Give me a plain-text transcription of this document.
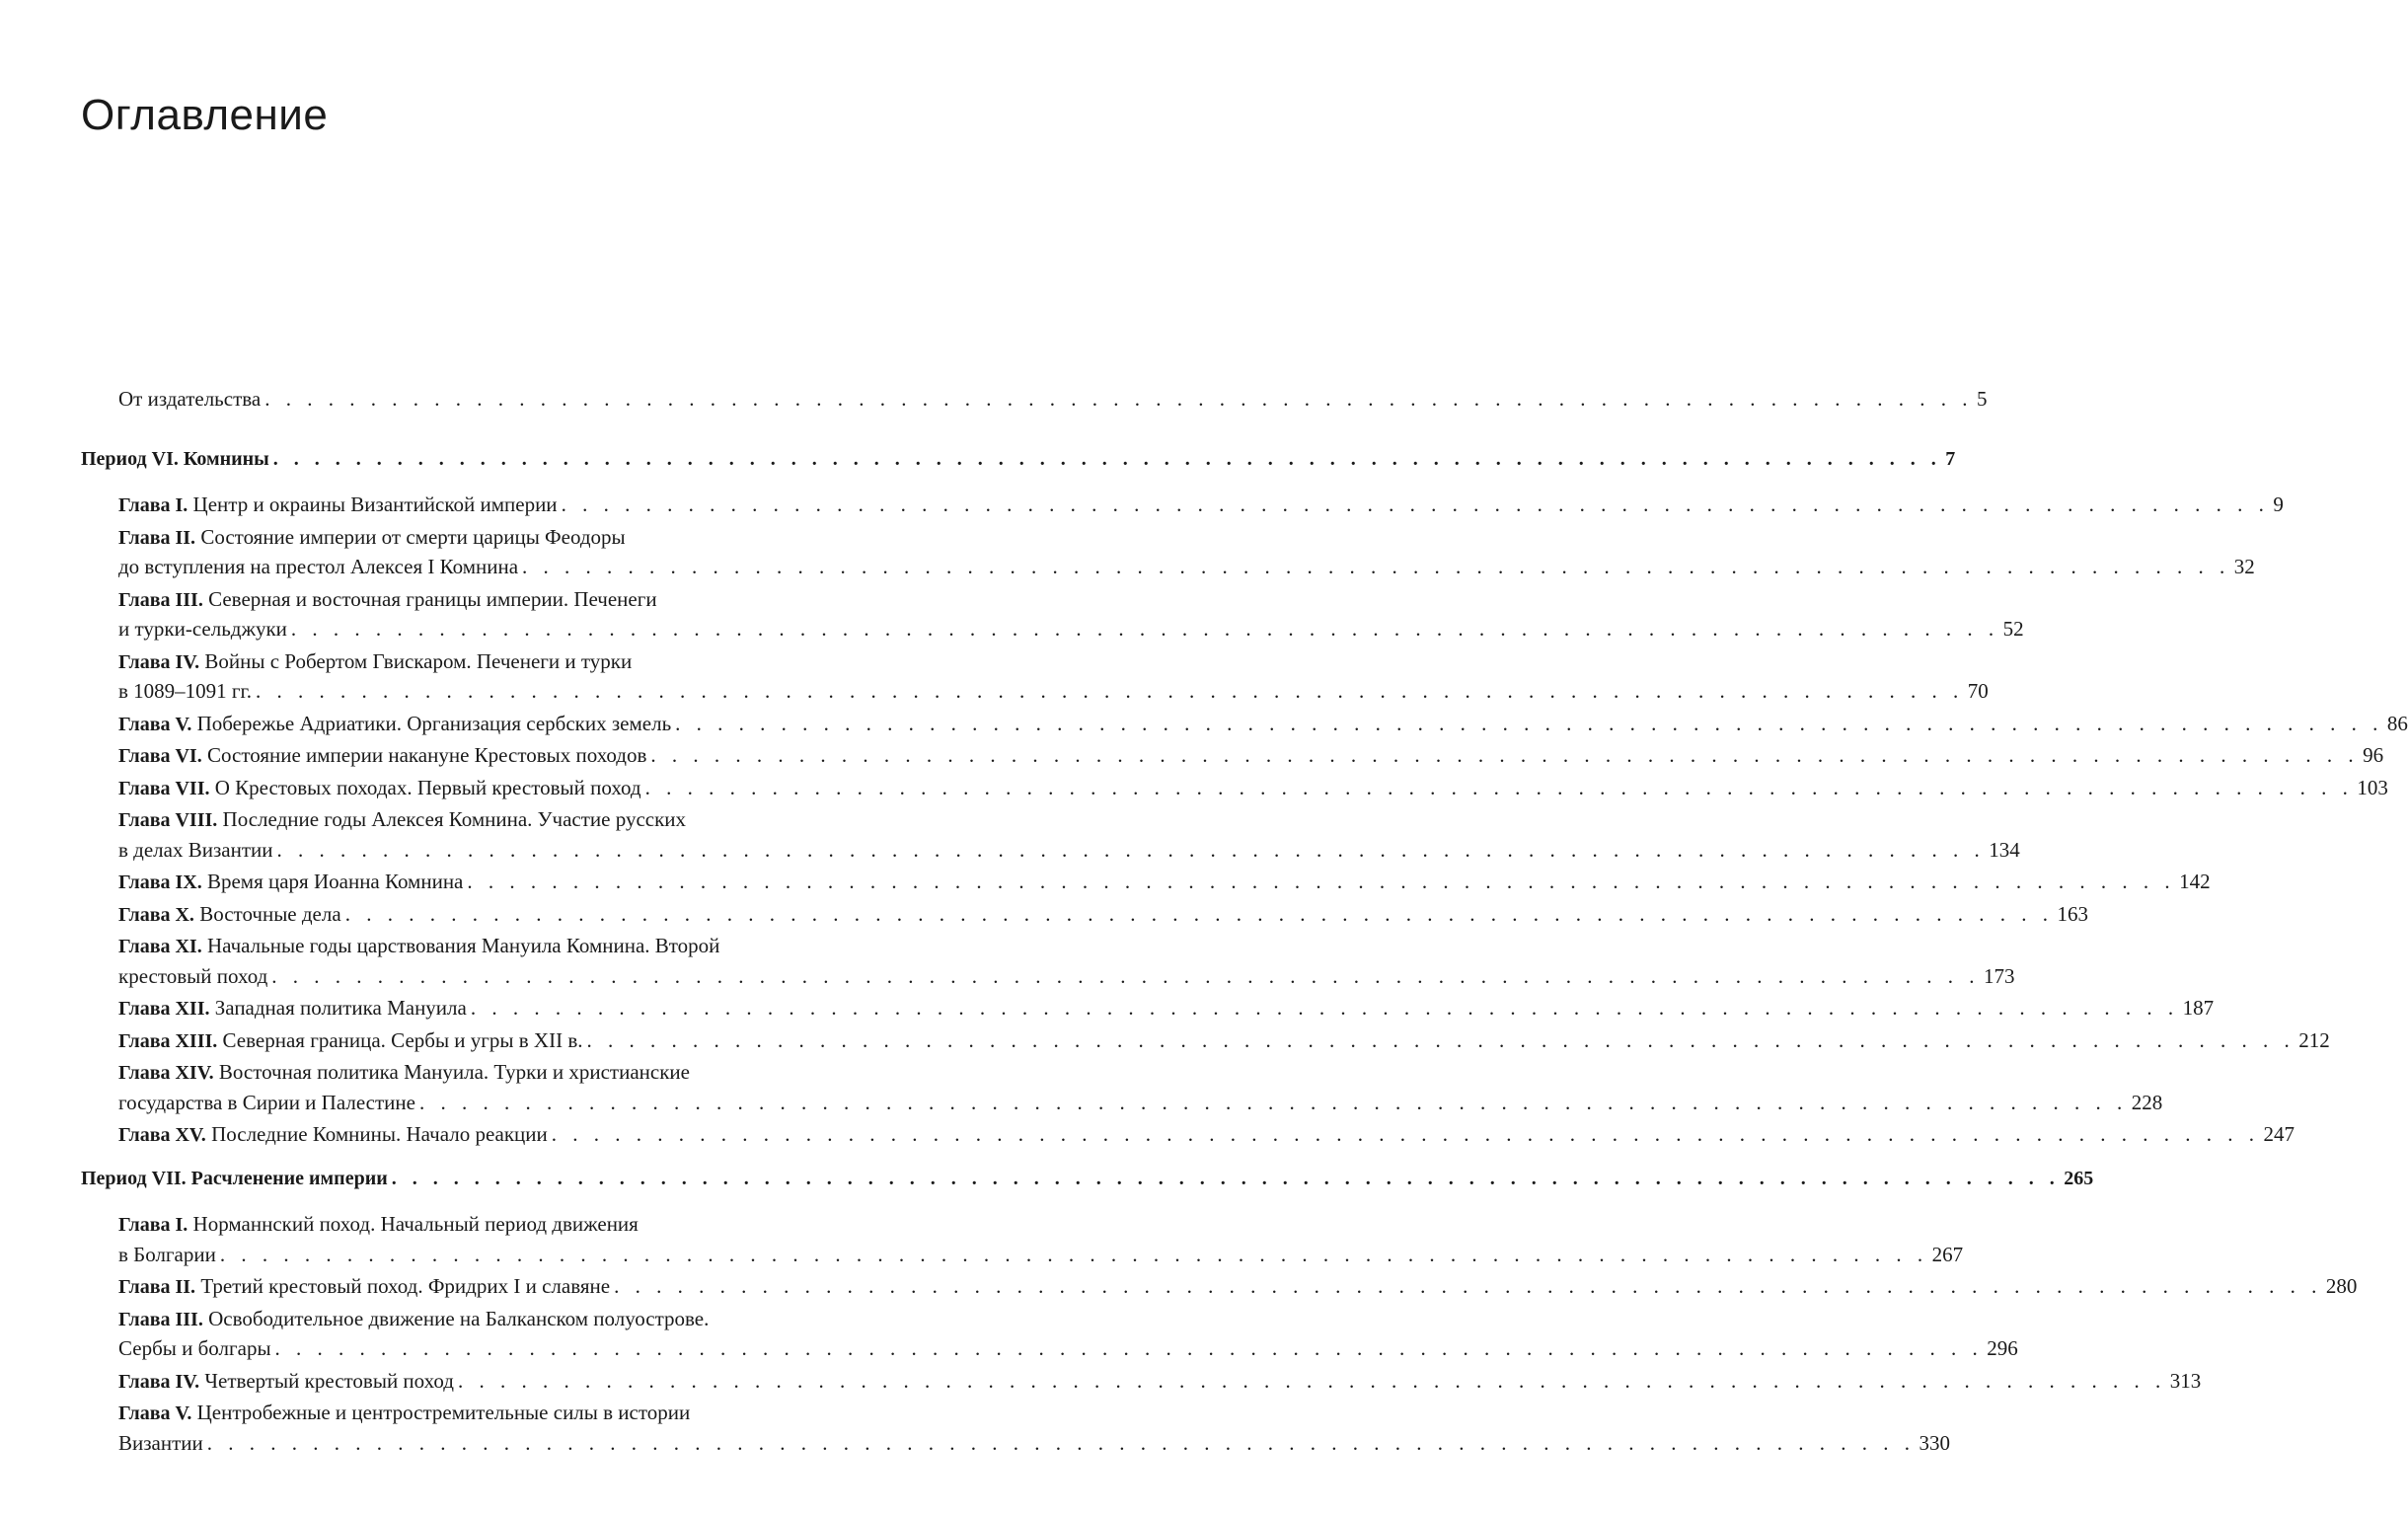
Оглавление
От издательства . . . . . . . . . . . . . . . . . . . . . . . . . . . . . . . . . . . . . . . . . . . . . . . . . . . . . . . . . . . . . . . . . . . . . . . . . . . . . . . . . 5
Период VI. Комнины . . . . . . . . . . . . . . . . . . . . . . . . . . . . . . . . . . . . . . . . . . . . . . . . . . . . . . . . . . . . . . . . . . . . . . . . . . . . . . . . . 7
Глава I. Центр и окраины Византийской империи . . . . . . . . . . . . . . . . . . . . . . . . . . . . . . . . . . . . . . . . . . . . . . . . . . . . . . . . . . . . . . . . . . . . . . . . . . . . . . . . . 9
Глава II. Состояние империи от смерти царицы Феодоры
до вступления на престол Алексея I Комнина . . . . . . . . . . . . . . . . . . . . . . . . . . . . . . . . . . . . . . . . . . . . . . . . . . . . . . . . . . . . . . . . . . . . . . . . . . . . . . . . . 32
Глава III. Северная и восточная границы империи. Печенеги
и турки-сельджуки . . . . . . . . . . . . . . . . . . . . . . . . . . . . . . . . . . . . . . . . . . . . . . . . . . . . . . . . . . . . . . . . . . . . . . . . . . . . . . . . . 52
Глава IV. Войны с Робертом Гвискаром. Печенеги и турки
в 1089–1091 гг. . . . . . . . . . . . . . . . . . . . . . . . . . . . . . . . . . . . . . . . . . . . . . . . . . . . . . . . . . . . . . . . . . . . . . . . . . . . . . . . . . 70
Глава V. Побережье Адриатики. Организация сербских земель . . . . . . . . . . . . . . . . . . . . . . . . . . . . . . . . . . . . . . . . . . . . . . . . . . . . . . . . . . . . . . . . . . . . . . . . . . . . . . . . . 86
Глава VI. Состояние империи накануне Крестовых походов . . . . . . . . . . . . . . . . . . . . . . . . . . . . . . . . . . . . . . . . . . . . . . . . . . . . . . . . . . . . . . . . . . . . . . . . . . . . . . . . . 96
Глава VII. О Крестовых походах. Первый крестовый поход . . . . . . . . . . . . . . . . . . . . . . . . . . . . . . . . . . . . . . . . . . . . . . . . . . . . . . . . . . . . . . . . . . . . . . . . . . . . . . . . . 103
Глава VIII. Последние годы Алексея Комнина. Участие русских
в делах Византии . . . . . . . . . . . . . . . . . . . . . . . . . . . . . . . . . . . . . . . . . . . . . . . . . . . . . . . . . . . . . . . . . . . . . . . . . . . . . . . . . 134
Глава IX. Время царя Иоанна Комнина . . . . . . . . . . . . . . . . . . . . . . . . . . . . . . . . . . . . . . . . . . . . . . . . . . . . . . . . . . . . . . . . . . . . . . . . . . . . . . . . . 142
Глава X. Восточные дела . . . . . . . . . . . . . . . . . . . . . . . . . . . . . . . . . . . . . . . . . . . . . . . . . . . . . . . . . . . . . . . . . . . . . . . . . . . . . . . . . 163
Глава XI. Начальные годы царствования Мануила Комнина. Второй
крестовый поход . . . . . . . . . . . . . . . . . . . . . . . . . . . . . . . . . . . . . . . . . . . . . . . . . . . . . . . . . . . . . . . . . . . . . . . . . . . . . . . . . 173
Глава XII. Западная политика Мануила . . . . . . . . . . . . . . . . . . . . . . . . . . . . . . . . . . . . . . . . . . . . . . . . . . . . . . . . . . . . . . . . . . . . . . . . . . . . . . . . . 187
Глава XIII. Северная граница. Сербы и угры в XII в. . . . . . . . . . . . . . . . . . . . . . . . . . . . . . . . . . . . . . . . . . . . . . . . . . . . . . . . . . . . . . . . . . . . . . . . . . . . . . . . . . 212
Глава XIV. Восточная политика Мануила. Турки и христианские
государства в Сирии и Палестине . . . . . . . . . . . . . . . . . . . . . . . . . . . . . . . . . . . . . . . . . . . . . . . . . . . . . . . . . . . . . . . . . . . . . . . . . . . . . . . . . 228
Глава XV. Последние Комнины. Начало реакции . . . . . . . . . . . . . . . . . . . . . . . . . . . . . . . . . . . . . . . . . . . . . . . . . . . . . . . . . . . . . . . . . . . . . . . . . . . . . . . . . 247
Период VII. Расчленение империи . . . . . . . . . . . . . . . . . . . . . . . . . . . . . . . . . . . . . . . . . . . . . . . . . . . . . . . . . . . . . . . . . . . . . . . . . . . . . . . . . 265
Глава I. Норманнский поход. Начальный период движения
в Болгарии . . . . . . . . . . . . . . . . . . . . . . . . . . . . . . . . . . . . . . . . . . . . . . . . . . . . . . . . . . . . . . . . . . . . . . . . . . . . . . . . . 267
Глава II. Третий крестовый поход. Фридрих I и славяне . . . . . . . . . . . . . . . . . . . . . . . . . . . . . . . . . . . . . . . . . . . . . . . . . . . . . . . . . . . . . . . . . . . . . . . . . . . . . . . . . 280
Глава III. Освободительное движение на Балканском полуострове.
Сербы и болгары . . . . . . . . . . . . . . . . . . . . . . . . . . . . . . . . . . . . . . . . . . . . . . . . . . . . . . . . . . . . . . . . . . . . . . . . . . . . . . . . . 296
Глава IV. Четвертый крестовый поход . . . . . . . . . . . . . . . . . . . . . . . . . . . . . . . . . . . . . . . . . . . . . . . . . . . . . . . . . . . . . . . . . . . . . . . . . . . . . . . . . 313
Глава V. Центробежные и центростремительные силы в истории
Византии . . . . . . . . . . . . . . . . . . . . . . . . . . . . . . . . . . . . . . . . . . . . . . . . . . . . . . . . . . . . . . . . . . . . . . . . . . . . . . . . . 330
